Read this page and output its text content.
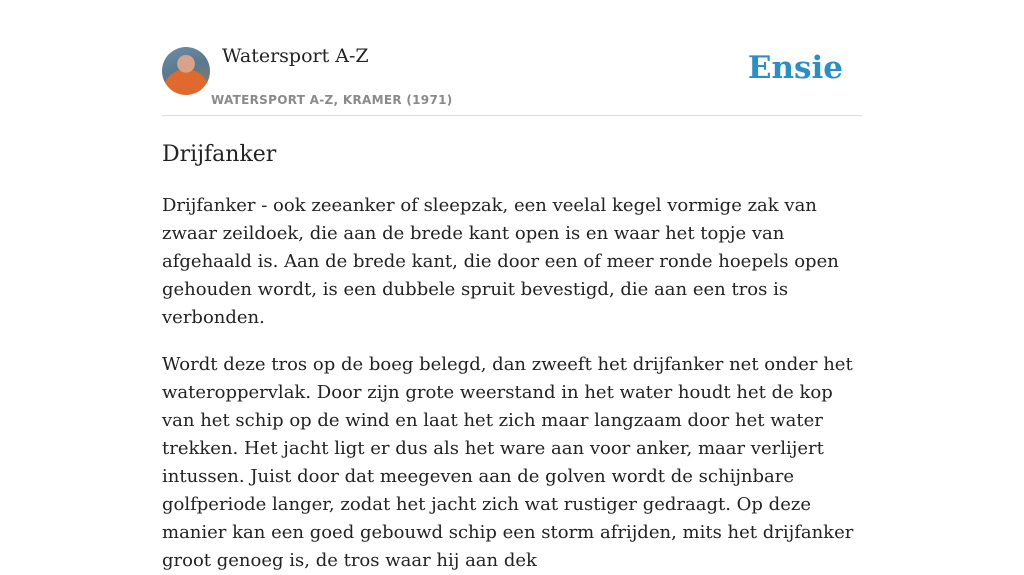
Watersport A-Z
WATERSPORT A-Z, KRAMER (1971)
Ensie
Drijfanker

Drijfanker - ook zeeanker of sleepzak, een veelal kegel vormige zak van zwaar zeildoek, die aan de brede kant open is en waar het topje van afgehaald is. Aan de brede kant, die door een of meer ronde hoepels open gehouden wordt, is een dubbele spruit bevestigd, die aan een tros is verbonden.

Wordt deze tros op de boeg belegd, dan zweeft het drijfanker net onder het wateroppervlak. Door zijn grote weerstand in het water houdt het de kop van het schip op de wind en laat het zich maar langzaam door het water trekken. Het jacht ligt er dus als het ware aan voor anker, maar verlijert intussen. Juist door dat meegeven aan de golven wordt de schijnbare golfperiode langer, zodat het jacht zich wat rustiger gedraagt. Op deze manier kan een goed gebouwd schip een storm afrijden, mits het drijfanker groot genoeg is, de tros waar hij aan dek
